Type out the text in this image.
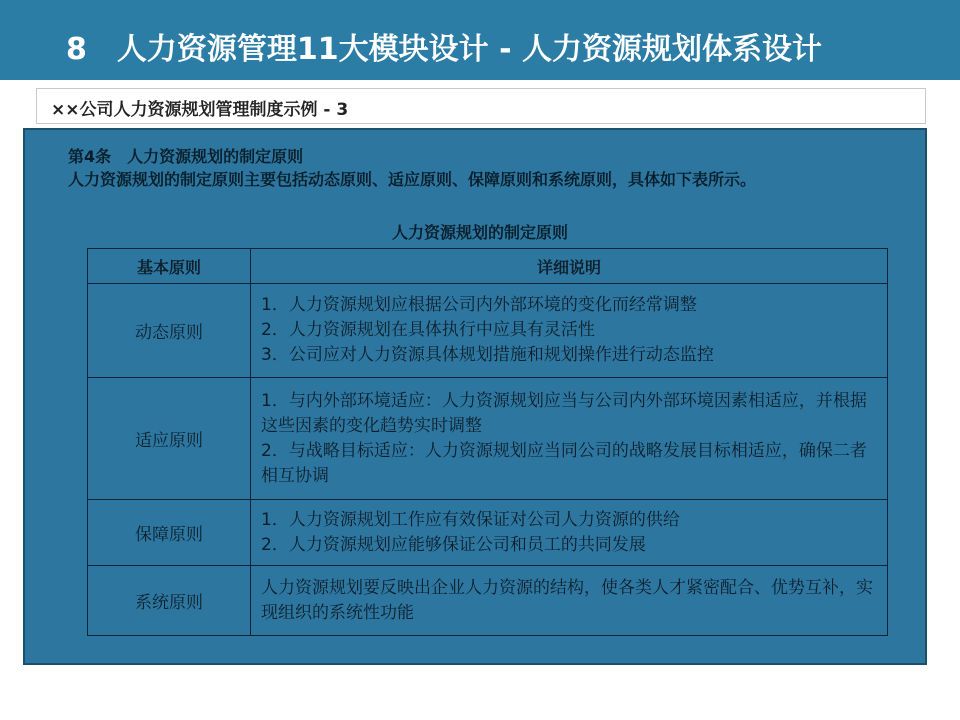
8　人力资源管理11大模块设计 - 人力资源规划体系设计
××公司人力资源规划管理制度示例 - 3
第4条　人力资源规划的制定原则
人力资源规划的制定原则主要包括动态原则、适应原则、保障原则和系统原则，具体如下表所示。
人力资源规划的制定原则
基本原则	详细说明
动态原则	1．人力资源规划应根据公司内外部环境的变化而经常调整
2．人力资源规划在具体执行中应具有灵活性
3．公司应对人力资源具体规划措施和规划操作进行动态监控

适应原则	1．与内外部环境适应：人力资源规划应当与公司内外部环境因素相适应，并根据这些因素的变化趋势实时调整
2．与战略目标适应：人力资源规划应当同公司的战略发展目标相适应，确保二者相互协调

保障原则	1．人力资源规划工作应有效保证对公司人力资源的供给
2．人力资源规划应能够保证公司和员工的共同发展

系统原则	人力资源规划要反映出企业人力资源的结构，使各类人才紧密配合、优势互补，实现组织的系统性功能
